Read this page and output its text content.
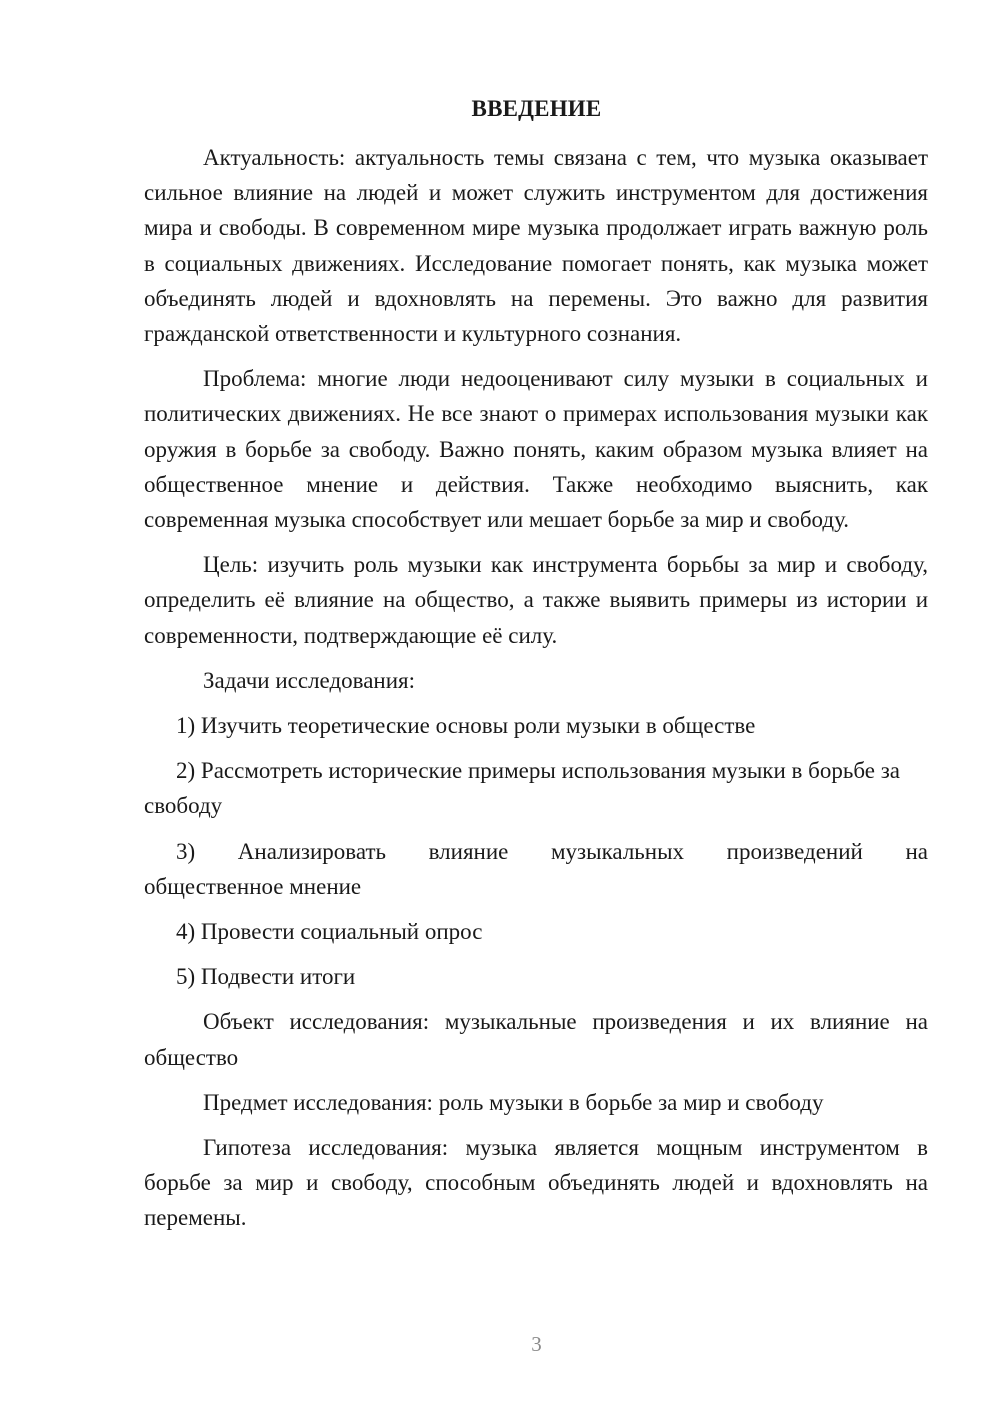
ВВЕДЕНИЕ

Актуальность: актуальность темы связана с тем, что музыка оказывает сильное влияние на людей и может служить инструментом для достижения мира и свободы. В современном мире музыка продолжает играть важную роль в социальных движениях. Исследование помогает понять, как музыка может объединять людей и вдохновлять на перемены. Это важно для развития гражданской ответственности и культурного сознания.

Проблема: многие люди недооценивают силу музыки в социальных и политических движениях. Не все знают о примерах использования музыки как оружия в борьбе за свободу. Важно понять, каким образом музыка влияет на общественное мнение и действия. Также необходимо выяснить, как современная музыка способствует или мешает борьбе за мир и свободу.

Цель: изучить роль музыки как инструмента борьбы за мир и свободу, определить её влияние на общество, а также выявить примеры из истории и современности, подтверждающие её силу.

Задачи исследования:

1) Изучить теоретические основы роли музыки в обществе

2) Рассмотреть исторические примеры использования музыки в борьбе за свободу

3) Анализировать влияние музыкальных произведений на
общественное мнение

4) Провести социальный опрос

5) Подвести итоги

Объект исследования: музыкальные произведения и их влияние на общество

Предмет исследования: роль музыки в борьбе за мир и свободу

Гипотеза исследования: музыка является мощным инструментом в борьбе за мир и свободу, способным объединять людей и вдохновлять на перемены.

3
